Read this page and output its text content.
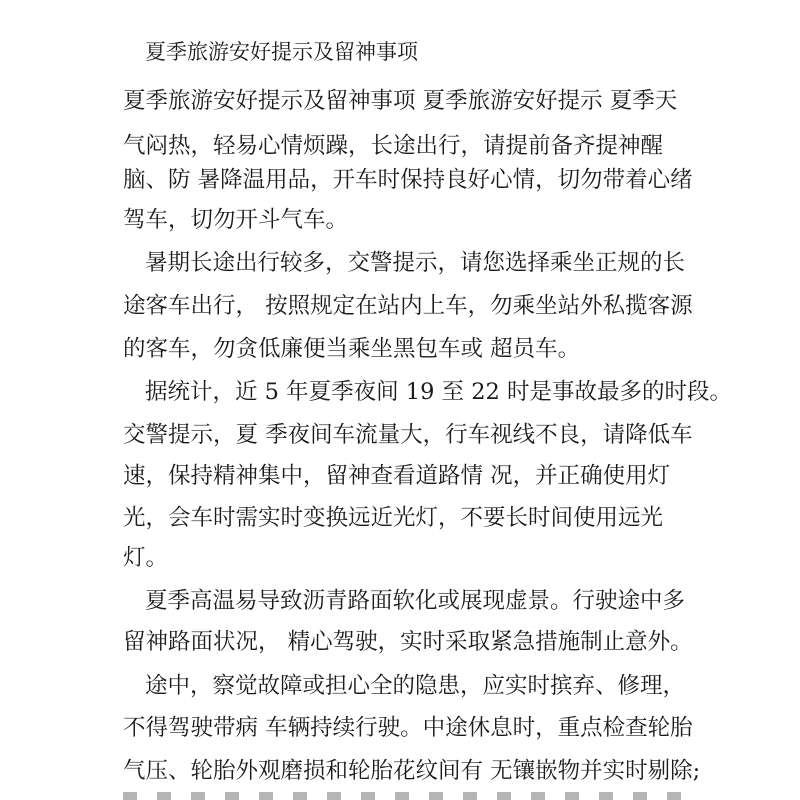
夏季旅游安好提示及留神事项

夏季旅游安好提示及留神事项 夏季旅游安好提示 夏季天

气闷热，轻易心情烦躁，长途出行，请提前备齐提神醒

脑、防 暑降温用品，开车时保持良好心情，切勿带着心绪

驾车，切勿开斗气车。

暑期长途出行较多，交警提示，请您选择乘坐正规的长

途客车出行， 按照规定在站内上车，勿乘坐站外私揽客源

的客车，勿贪低廉便当乘坐黑包车或 超员车。

据统计，近 5 年夏季夜间 19 至 22 时是事故最多的时段。

交警提示，夏 季夜间车流量大，行车视线不良，请降低车

速，保持精神集中，留神查看道路情 况，并正确使用灯

光，会车时需实时变换远近光灯，不要长时间使用远光

灯。

夏季高温易导致沥青路面软化或展现虚景。行驶途中多

留神路面状况， 精心驾驶，实时采取紧急措施制止意外。

途中，察觉故障或担心全的隐患，应实时摈弃、修理，

不得驾驶带病 车辆持续行驶。中途休息时，重点检查轮胎

气压、轮胎外观磨损和轮胎花纹间有 无镶嵌物并实时剔除;
